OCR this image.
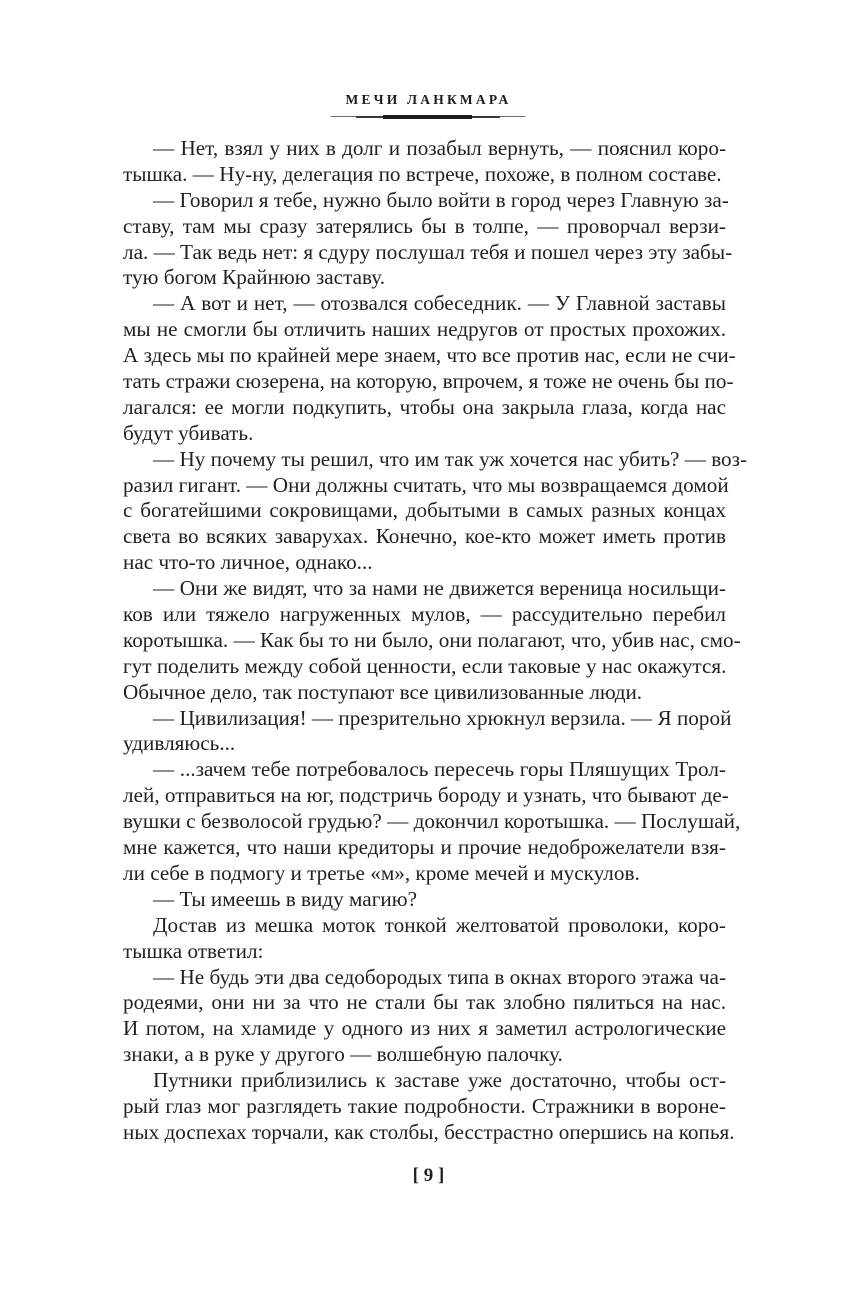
МЕЧИ ЛАНКМАРА
— Нет, взял у них в долг и позабыл вернуть, — пояснил коро-
тышка. — Ну-ну, делегация по встрече, похоже, в полном составе.
— Говорил я тебе, нужно было войти в город через Главную за-
ставу, там мы сразу затерялись бы в толпе, — проворчал верзи-
ла. — Так ведь нет: я сдуру послушал тебя и пошел через эту забы-
тую богом Крайнюю заставу.
— А вот и нет, — отозвался собеседник. — У Главной заставы
мы не смогли бы отличить наших недругов от простых прохожих.
А здесь мы по крайней мере знаем, что все против нас, если не счи-
тать стражи сюзерена, на которую, впрочем, я тоже не очень бы по-
лагался: ее могли подкупить, чтобы она закрыла глаза, когда нас
будут убивать.
— Ну почему ты решил, что им так уж хочется нас убить? — воз-
разил гигант. — Они должны считать, что мы возвращаемся домой
с богатейшими сокровищами, добытыми в самых разных концах
света во всяких заварухах. Конечно, кое-кто может иметь против
нас что-то личное, однако...
— Они же видят, что за нами не движется вереница носильщи-
ков или тяжело нагруженных мулов, — рассудительно перебил
коротышка. — Как бы то ни было, они полагают, что, убив нас, смо-
гут поделить между собой ценности, если таковые у нас окажутся.
Обычное дело, так поступают все цивилизованные люди.
— Цивилизация! — презрительно хрюкнул верзила. — Я порой
удивляюсь...
— ...зачем тебе потребовалось пересечь горы Пляшущих Трол-
лей, отправиться на юг, подстричь бороду и узнать, что бывают де-
вушки с безволосой грудью? — докончил коротышка. — Послушай,
мне кажется, что наши кредиторы и прочие недоброжелатели взя-
ли себе в подмогу и третье «м», кроме мечей и мускулов.
— Ты имеешь в виду магию?
Достав из мешка моток тонкой желтоватой проволоки, коро-
тышка ответил:
— Не будь эти два седобородых типа в окнах второго этажа ча-
родеями, они ни за что не стали бы так злобно пялиться на нас.
И потом, на хламиде у одного из них я заметил астрологические
знаки, а в руке у другого — волшебную палочку.
Путники приблизились к заставе уже достаточно, чтобы ост-
рый глаз мог разглядеть такие подробности. Стражники в вороне-
ных доспехах торчали, как столбы, бесстрастно опершись на копья.
[ 9 ]
